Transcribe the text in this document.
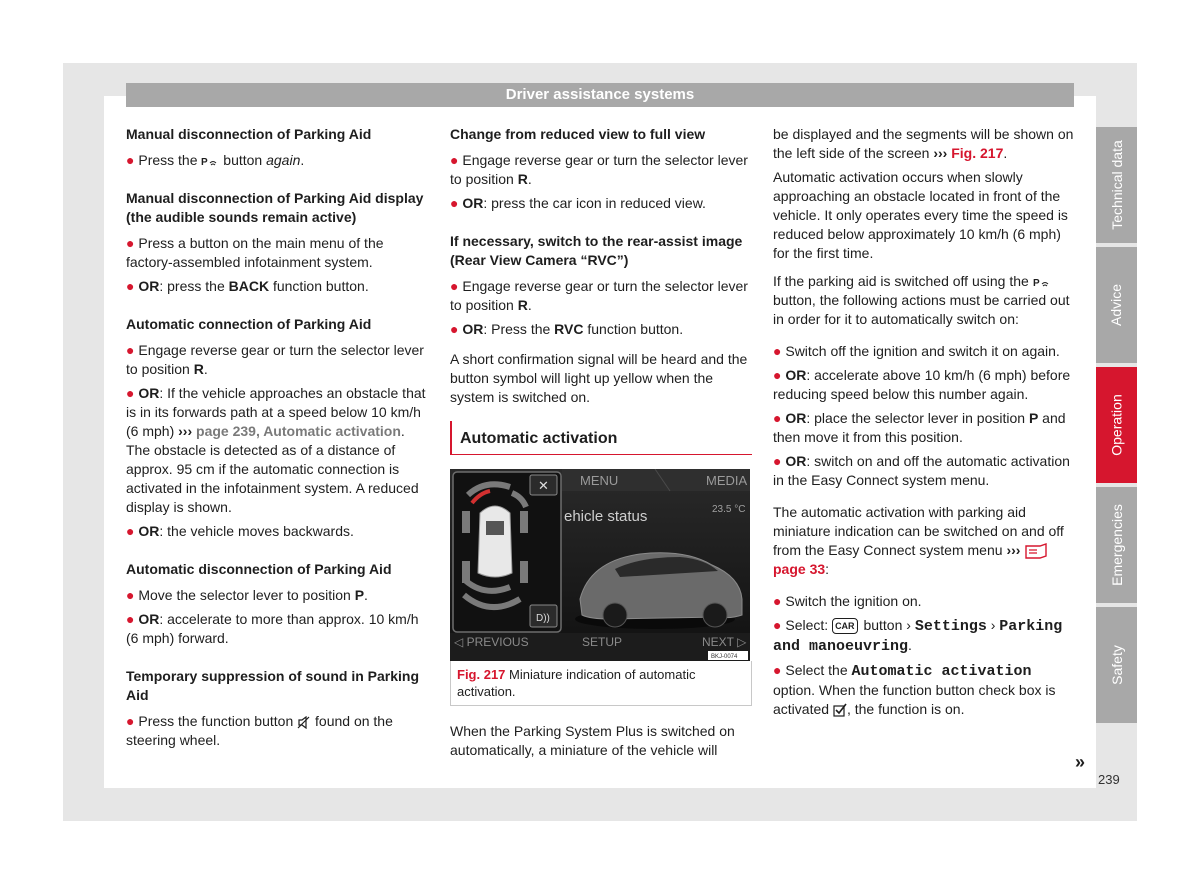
Driver assistance systems
Manual disconnection of Parking Aid

● Press the P button again.

Manual disconnection of Parking Aid display (the audible sounds remain active)

● Press a button on the main menu of the factory-assembled infotainment system.

● OR: press the BACK function button.

Automatic connection of Parking Aid

● Engage reverse gear or turn the selector lever to position R.

● OR: If the vehicle approaches an obstacle that is in its forwards path at a speed below 10 km/h (6 mph) ››› page 239, Automatic activation. The obstacle is detected as of a distance of approx. 95 cm if the automatic connection is activated in the infotainment system. A reduced display is shown.

● OR: the vehicle moves backwards.

Automatic disconnection of Parking Aid

● Move the selector lever to position P.

● OR: accelerate to more than approx. 10 km/h (6 mph) forward.

Temporary suppression of sound in Parking Aid

● Press the function button  found on the steering wheel.

Change from reduced view to full view

● Engage reverse gear or turn the selector lever to position R.

● OR: press the car icon in reduced view.

If necessary, switch to the rear-assist image (Rear View Camera “RVC”)

● Engage reverse gear or turn the selector lever to position R.

● OR: Press the RVC function button.

A short confirmation signal will be heard and the button symbol will light up yellow when the system is switched on.

Automatic activation
MENU	MEDIA
ehicle status	23.5 °C
✕
D))
◁ PREVIOUS	SETUP	NEXT ▷
BKJ-0074
Fig. 217 Miniature indication of automatic activation.

When the Parking System Plus is switched on automatically, a miniature of the vehicle will

be displayed and the segments will be shown on the left side of the screen ››› Fig. 217.

Automatic activation occurs when slowly approaching an obstacle located in front of the vehicle. It only operates every time the speed is reduced below approximately 10 km/h (6 mph) for the first time.

If the parking aid is switched off using the P
button, the following actions must be carried out in order for it to automatically switch on:

● Switch off the ignition and switch it on again.

● OR: accelerate above 10 km/h (6 mph) before reducing speed below this number again.

● OR: place the selector lever in position P and then move it from this position.

● OR: switch on and off the automatic activation in the Easy Connect system menu.

The automatic activation with parking aid miniature indication can be switched on and off from the Easy Connect system menu ›››  page 33:

● Switch the ignition on.

● Select: CAR button › Settings › Parking and manoeuvring.

● Select the Automatic activation option. When the function button check box is activated , the function is on.

Technical data
Advice
Operation
Emergencies
Safety
»
239
